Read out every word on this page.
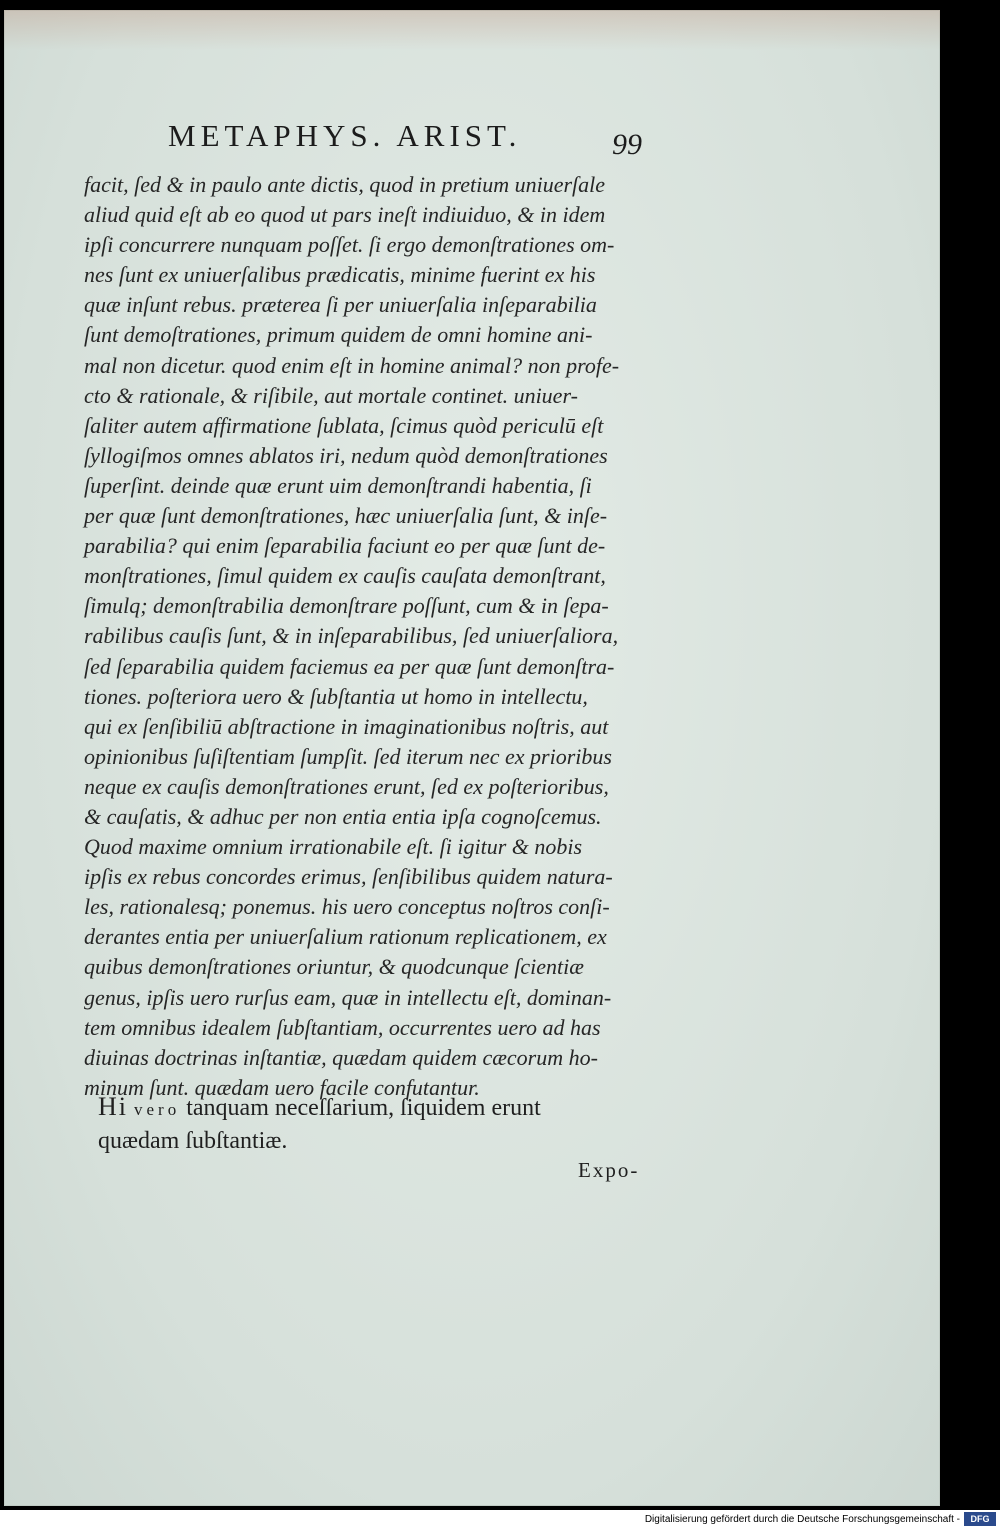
METAPHYS. ARIST.	99
facit, ſed & in paulo ante dictis, quod in pretium uniuerſale
aliud quid eſt ab eo quod ut pars ineſt indiuiduo, & in idem
ipſi concurrere nunquam poſſet. ſi ergo demonſtrationes om-
nes ſunt ex uniuerſalibus prædicatis, minime fuerint ex his
quæ inſunt rebus. præterea ſi per uniuerſalia inſeparabilia
ſunt demoſtrationes, primum quidem de omni homine ani-
mal non dicetur. quod enim eſt in homine animal? non profe-
cto & rationale, & riſibile, aut mortale continet. uniuer-
ſaliter autem affirmatione ſublata, ſcimus quòd periculū eſt
ſyllogiſmos omnes ablatos iri, nedum quòd demonſtrationes
ſuperſint. deinde quæ erunt uim demonſtrandi habentia, ſi
per quæ ſunt demonſtrationes, hæc uniuerſalia ſunt, & inſe-
parabilia? qui enim ſeparabilia faciunt eo per quæ ſunt de-
monſtrationes, ſimul quidem ex cauſis cauſata demonſtrant,
ſimulq; demonſtrabilia demonſtrare poſſunt, cum & in ſepa-
rabilibus cauſis ſunt, & in inſeparabilibus, ſed uniuerſaliora,
ſed ſeparabilia quidem faciemus ea per quæ ſunt demonſtra-
tiones. poſteriora uero & ſubſtantia ut homo in intellectu,
qui ex ſenſibiliū abſtractione in imaginationibus noſtris, aut
opinionibus ſuſiſtentiam ſumpſit. ſed iterum nec ex prioribus
neque ex cauſis demonſtrationes erunt, ſed ex poſterioribus,
& cauſatis, & adhuc per non entia entia ipſa cognoſcemus.
Quod maxime omnium irrationabile eſt. ſi igitur & nobis
ipſis ex rebus concordes erimus, ſenſibilibus quidem natura-
les, rationalesq; ponemus. his uero conceptus noſtros conſi-
derantes entia per uniuerſalium rationum replicationem, ex
quibus demonſtrationes oriuntur, & quodcunque ſcientiæ
genus, ipſis uero rurſus eam, quæ in intellectu eſt, dominan-
tem omnibus idealem ſubſtantiam, occurrentes uero ad has
diuinas doctrinas inſtantiæ, quædam quidem cæcorum ho-
minum ſunt. quædam uero facile confutantur.
Hi vero tanquam neceſſarium, ſiquidem erunt
quædam ſubſtantiæ.
Expo-
Digitalisierung gefördert durch die Deutsche Forschungsgemeinschaft -	DFG
